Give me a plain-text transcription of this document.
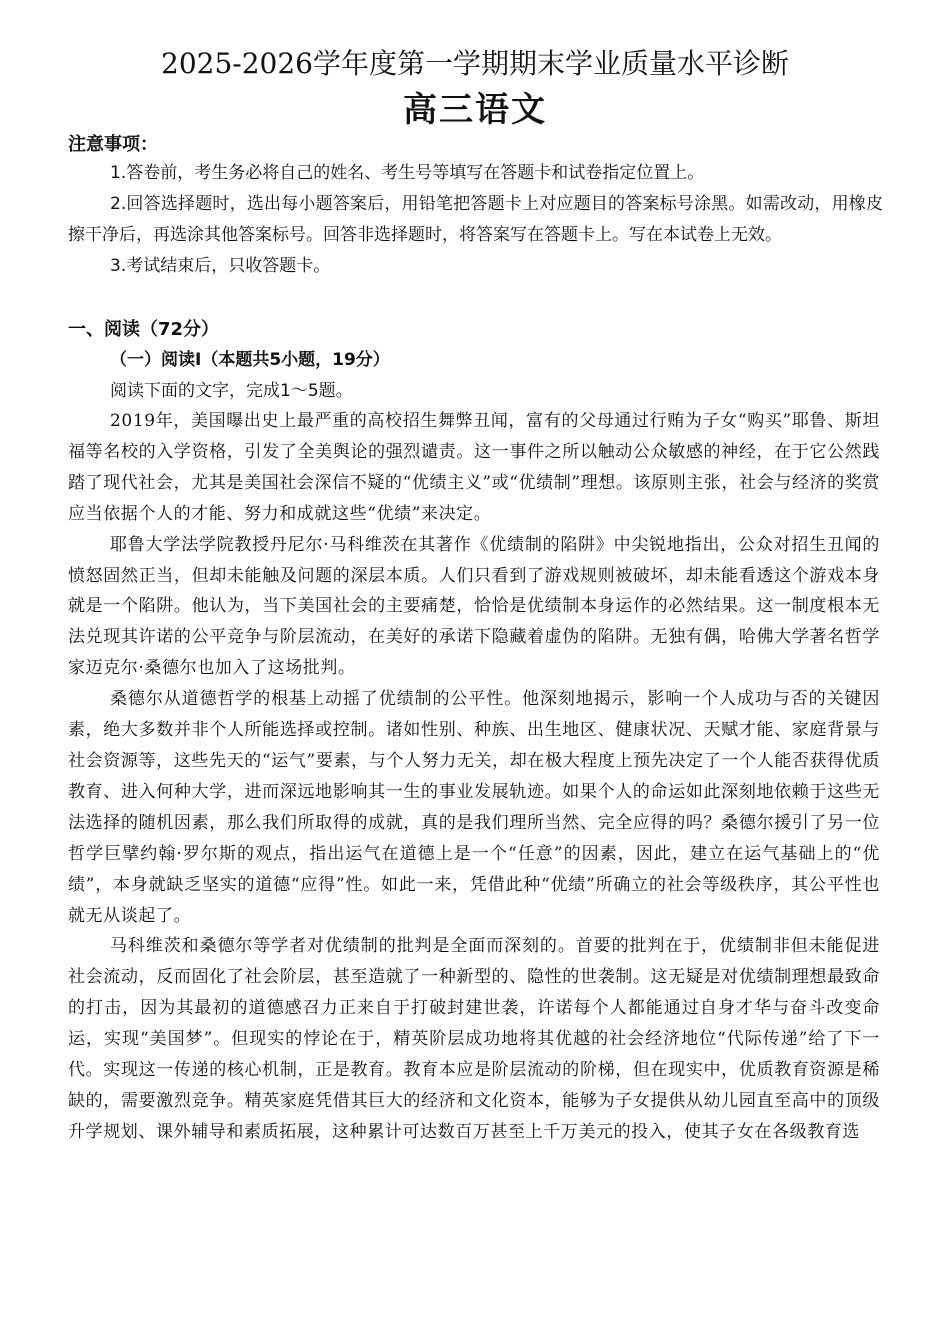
2025-2026学年度第一学期期末学业质量水平诊断
高三语文
注意事项：

1.答卷前，考生务必将自己的姓名、考生号等填写在答题卡和试卷指定位置上。

2.回答选择题时，选出每小题答案后，用铅笔把答题卡上对应题目的答案标号涂黑。如需改动，用橡皮擦干净后，再选涂其他答案标号。回答非选择题时，将答案写在答题卡上。写在本试卷上无效。

3.考试结束后，只收答题卡。

一、阅读（72分）
（一）阅读Ⅰ（本题共5小题，19分）
阅读下面的文字，完成1～5题。

2019年，美国曝出史上最严重的高校招生舞弊丑闻，富有的父母通过行贿为子女“购买”耶鲁、斯坦福等名校的入学资格，引发了全美舆论的强烈谴责。这一事件之所以触动公众敏感的神经，在于它公然践踏了现代社会，尤其是美国社会深信不疑的“优绩主义”或“优绩制”理想。该原则主张，社会与经济的奖赏应当依据个人的才能、努力和成就这些“优绩”来决定。

耶鲁大学法学院教授丹尼尔·马科维茨在其著作《优绩制的陷阱》中尖锐地指出，公众对招生丑闻的愤怒固然正当，但却未能触及问题的深层本质。人们只看到了游戏规则被破坏，却未能看透这个游戏本身就是一个陷阱。他认为，当下美国社会的主要痛楚，恰恰是优绩制本身运作的必然结果。这一制度根本无法兑现其许诺的公平竞争与阶层流动，在美好的承诺下隐藏着虚伪的陷阱。无独有偶，哈佛大学著名哲学家迈克尔·桑德尔也加入了这场批判。

桑德尔从道德哲学的根基上动摇了优绩制的公平性。他深刻地揭示，影响一个人成功与否的关键因素，绝大多数并非个人所能选择或控制。诸如性别、种族、出生地区、健康状况、天赋才能、家庭背景与社会资源等，这些先天的“运气”要素，与个人努力无关，却在极大程度上预先决定了一个人能否获得优质教育、进入何种大学，进而深远地影响其一生的事业发展轨迹。如果个人的命运如此深刻地依赖于这些无法选择的随机因素，那么我们所取得的成就，真的是我们理所当然、完全应得的吗？桑德尔援引了另一位哲学巨擘约翰·罗尔斯的观点，指出运气在道德上是一个“任意”的因素，因此，建立在运气基础上的“优绩”，本身就缺乏坚实的道德“应得”性。如此一来，凭借此种“优绩”所确立的社会等级秩序，其公平性也就无从谈起了。

马科维茨和桑德尔等学者对优绩制的批判是全面而深刻的。首要的批判在于，优绩制非但未能促进社会流动，反而固化了社会阶层，甚至造就了一种新型的、隐性的世袭制。这无疑是对优绩制理想最致命的打击，因为其最初的道德感召力正来自于打破封建世袭，许诺每个人都能通过自身才华与奋斗改变命运，实现“美国梦”。但现实的悖论在于，精英阶层成功地将其优越的社会经济地位“代际传递”给了下一代。实现这一传递的核心机制，正是教育。教育本应是阶层流动的阶梯，但在现实中，优质教育资源是稀缺的，需要激烈竞争。精英家庭凭借其巨大的经济和文化资本，能够为子女提供从幼儿园直至高中的顶级升学规划、课外辅导和素质拓展，这种累计可达数百万甚至上千万美元的投入，使其子女在各级教育选
